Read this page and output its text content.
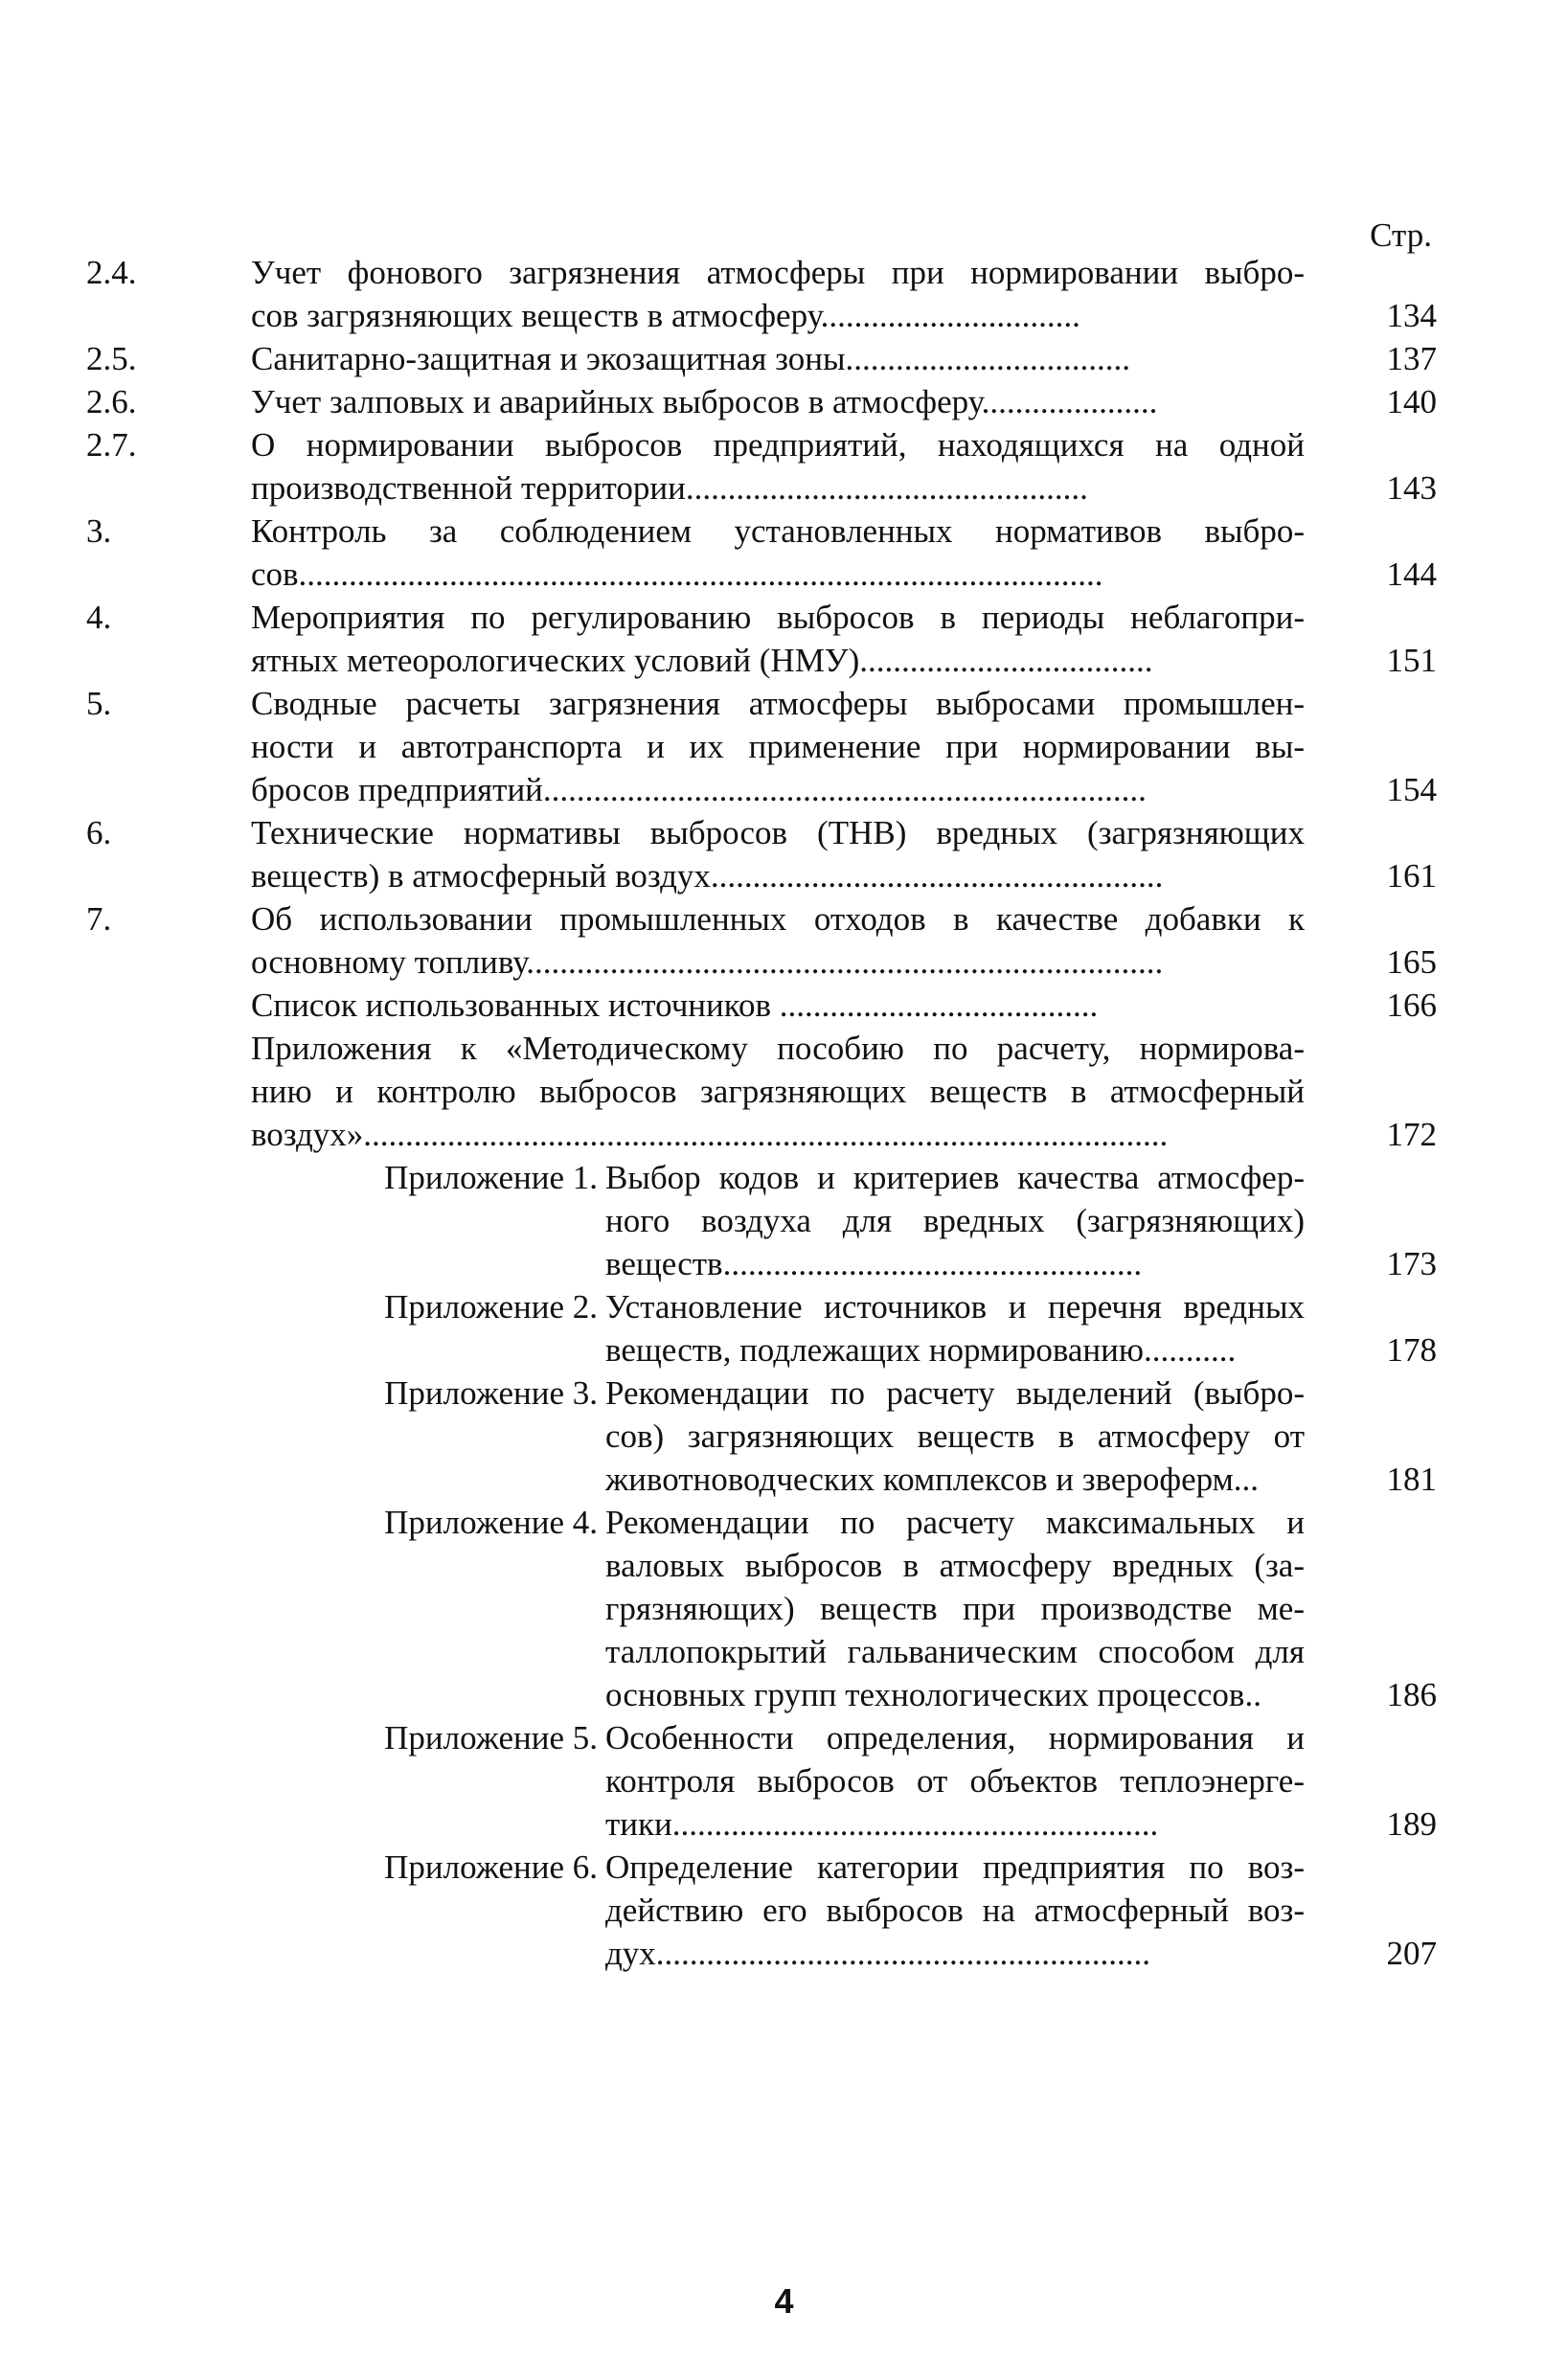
Стр.
2.4.	Учет фонового загрязнения атмосферы при нормировании выбро-
сов загрязняющих веществ в атмосферу...............................	134
2.5.	Санитарно-защитная и экозащитная зоны..................................	137
2.6.	Учет залповых и аварийных выбросов в атмосферу.....................	140
2.7.	О нормировании выбросов предприятий, находящихся на одной
производственной территории................................................	143
3.	Контроль за соблюдением установленных нормативов выбро-
сов................................................................................................	144
4.	Мероприятия по регулированию выбросов в периоды неблагопри-
ятных метеорологических условий (НМУ)...................................	151
5.	Сводные расчеты загрязнения атмосферы выбросами промышлен-
ности и автотранспорта и их применение при нормировании вы-
бросов предприятий........................................................................	154
6.	Технические нормативы выбросов (ТНВ) вредных (загрязняющих
веществ) в атмосферный воздух......................................................	161
7.	Об использовании промышленных отходов в качестве добавки к
основному топливу............................................................................	165
Список использованных источников ......................................	166
Приложения к «Методическому пособию по расчету, нормирова-
нию и контролю выбросов загрязняющих веществ в атмосферный
воздух»................................................................................................	172
Приложение 1. Выбор кодов и критериев качества атмосфер-
ного воздуха для вредных (загрязняющих)
веществ..................................................	173
Приложение 2. Установление источников и перечня вредных
веществ, подлежащих нормированию...........	178
Приложение 3. Рекомендации по расчету выделений (выбро-
сов) загрязняющих веществ в атмосферу от
животноводческих комплексов и звероферм...	181
Приложение 4. Рекомендации по расчету максимальных и
валовых выбросов в атмосферу вредных (за-
грязняющих) веществ при производстве ме-
таллопокрытий гальваническим способом для
основных групп технологических процессов..	186
Приложение 5. Особенности определения, нормирования и
контроля выбросов от объектов теплоэнерге-
тики..........................................................	189
Приложение 6. Определение категории предприятия по воз-
действию его выбросов на атмосферный воз-
дух...........................................................	207
4
